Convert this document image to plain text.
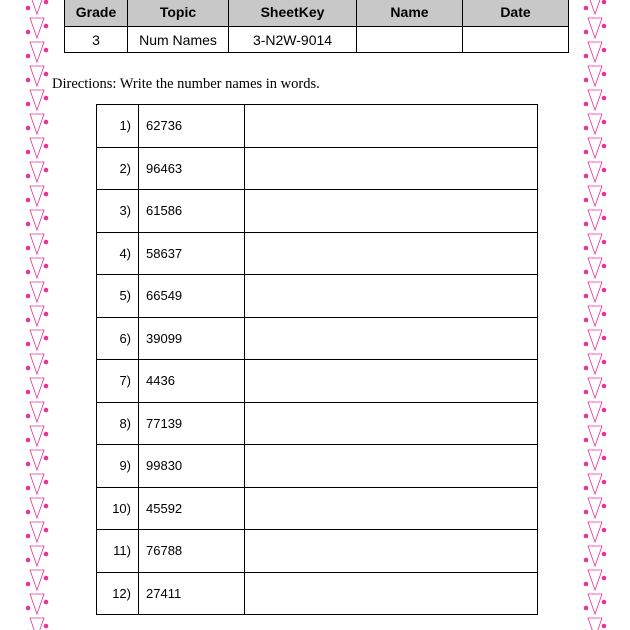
Grade	Topic	SheetKey	Name	Date
3	Num Names	3-N2W-9014		
Directions: Write the number names in words.
1)	62736	
2)	96463	
3)	61586	
4)	58637	
5)	66549	
6)	39099	
7)	4436	
8)	77139	
9)	99830	
10)	45592	
11)	76788	
12)	27411	
